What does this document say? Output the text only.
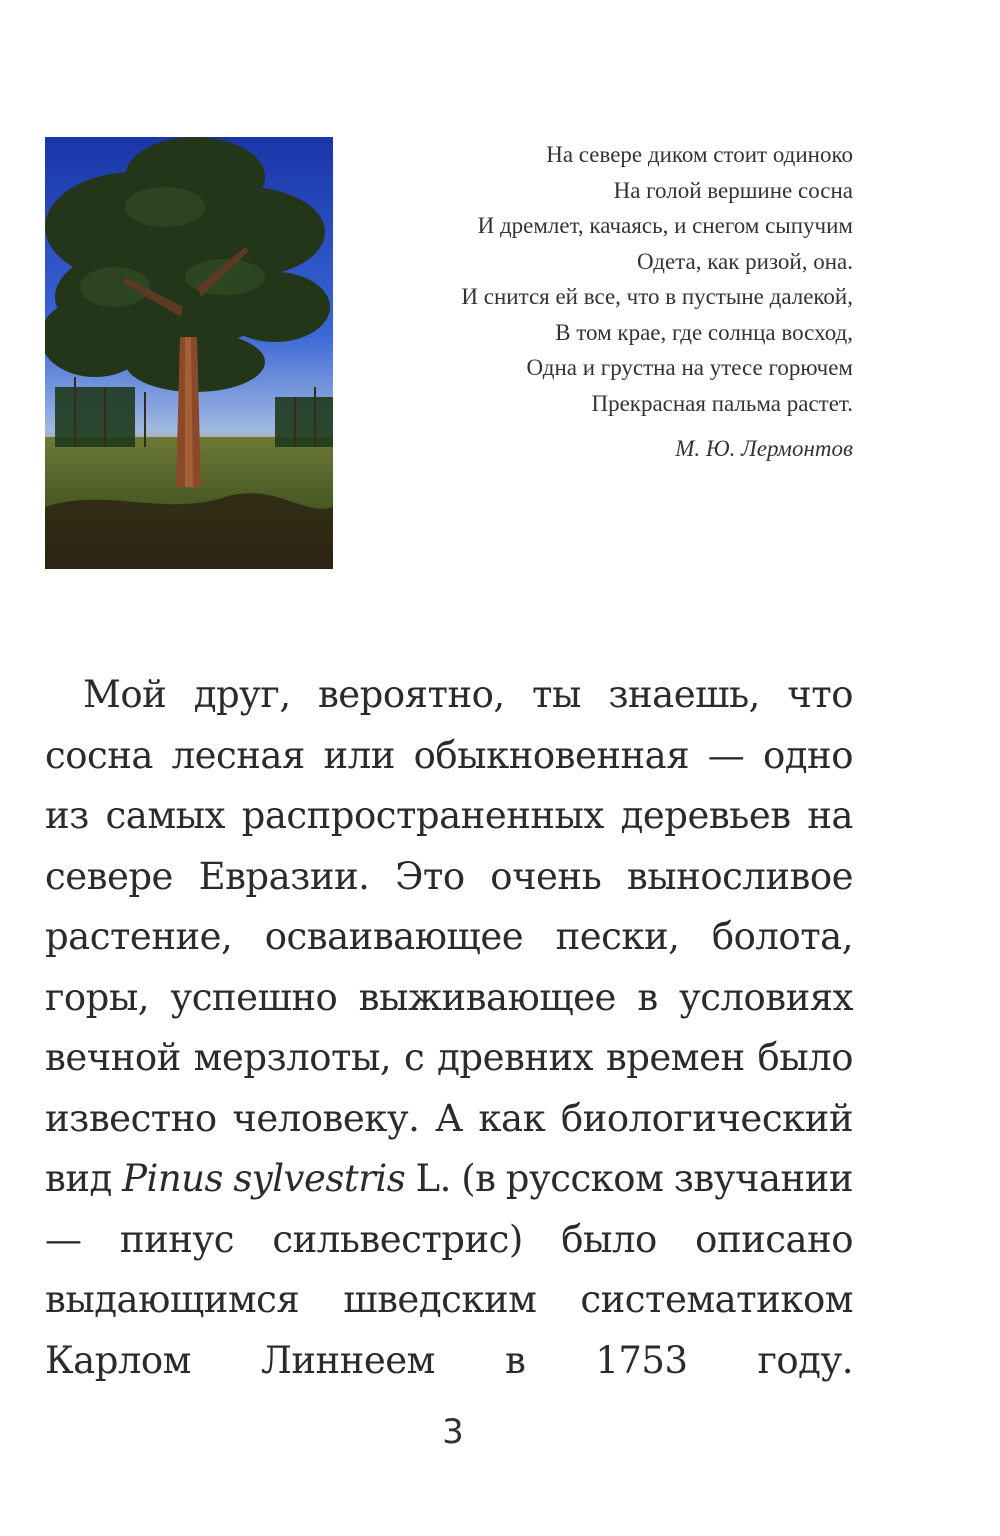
На севере диком стоит одиноко
На голой вершине сосна
И дремлет, качаясь, и снегом сыпучим
Одета, как ризой, она.
И снится ей все, что в пустыне далекой,
В том крае, где солнца восход,
Одна и грустна на утесе горючем
Прекрасная пальма растет.
М. Ю. Лермонтов

Мой друг, вероятно, ты знаешь, что сосна лесная или обыкновенная — одно из самых распространенных деревьев на севере Евразии. Это очень выносливое растение, осваивающее пески, болота, горы, успешно выживающее в условиях вечной мерзлоты, с древних времен было известно человеку. А как биологический вид Pinus sylvestris L. (в русском звучании — пинус сильвестрис) было описано выдающимся шведским систематиком Карлом Линнеем в 1753 году.

3
